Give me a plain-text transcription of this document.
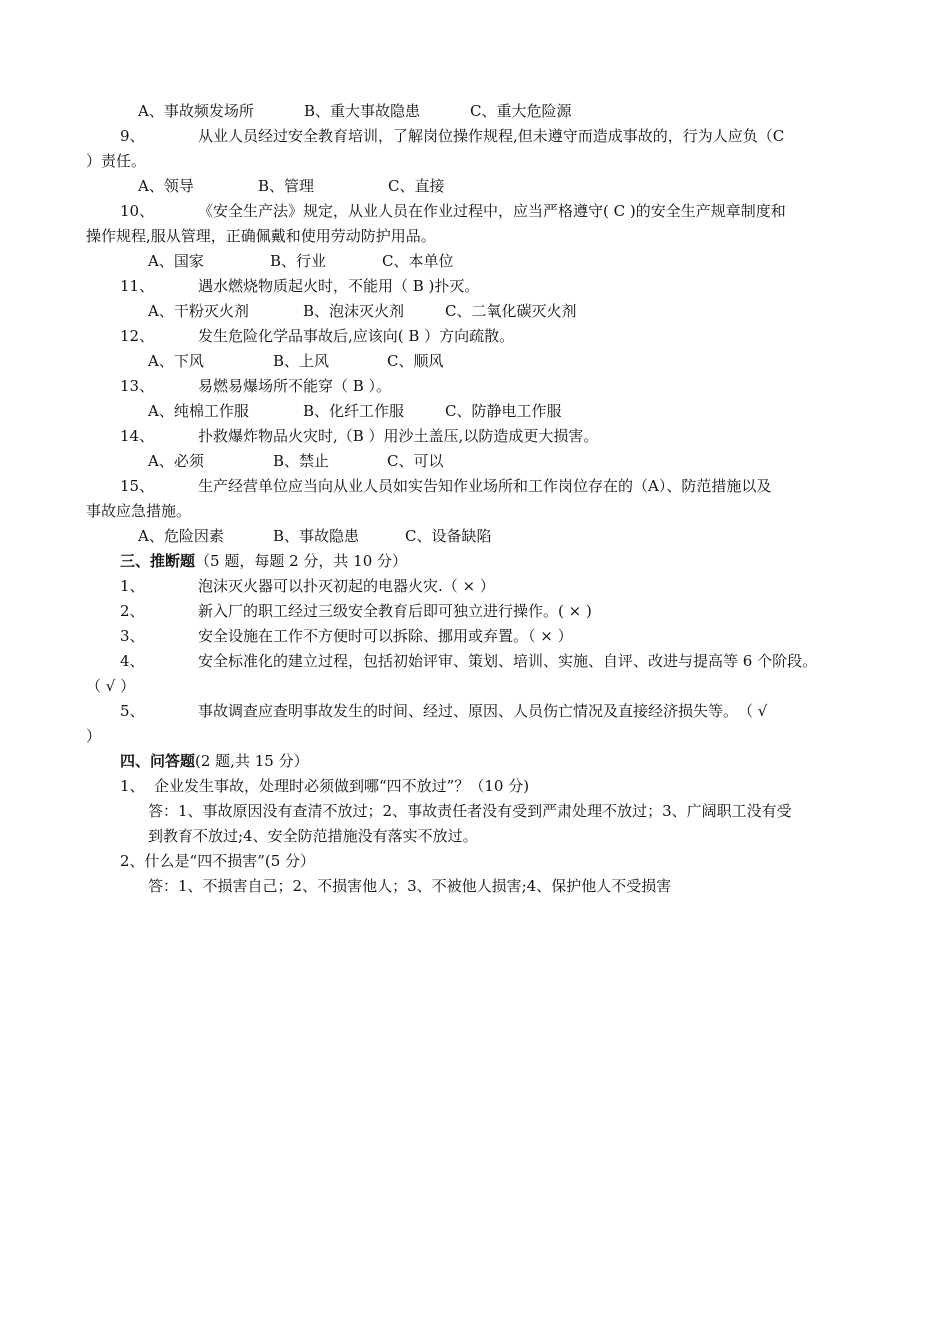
A、事故频发场所	B、重大事故隐患	C、重大危险源
9、	从业人员经过安全教育培训，了解岗位操作规程,但未遵守而造成事故的，行为人应负（C
）责任。
A、领导	B、管理	C、直接
10、	《安全生产法》规定，从业人员在作业过程中，应当严格遵守( C )的安全生产规章制度和
操作规程,服从管理，正确佩戴和使用劳动防护用品。
A、国家	B、行业	C、本单位
11、	遇水燃烧物质起火时，不能用（ B )扑灭。
A、干粉灭火剂	B、泡沫灭火剂	C、二氧化碳灭火剂
12、	发生危险化学品事故后,应该向( B ）方向疏散。
A、下风	B、上风	C、顺风
13、	易燃易爆场所不能穿（ B ）。
A、纯棉工作服	B、化纤工作服	C、防静电工作服
14、	扑救爆炸物品火灾时,（B ）用沙土盖压,以防造成更大损害。
A、必须	B、禁止	C、可以
15、	生产经营单位应当向从业人员如实告知作业场所和工作岗位存在的（A）、防范措施以及
事故应急措施。
A、危险因素	B、事故隐患	C、设备缺陷
三、推断题（5 题，每题 2 分，共 10 分）
1、	泡沫灭火器可以扑灭初起的电器火灾.（ × ）
2、	新入厂的职工经过三级安全教育后即可独立进行操作。( × )
3、	安全设施在工作不方便时可以拆除、挪用或弃置。（ × ）
4、	安全标准化的建立过程，包括初始评审、策划、培训、实施、自评、改进与提高等 6 个阶段。
（ √ ）
5、	事故调查应查明事故发生的时间、经过、原因、人员伤亡情况及直接经济损失等。　（ √
）
四、问答题(2 题,共 15 分）
1、 企业发生事故，处理时必须做到哪“四不放过”？（10 分)
答：1、事故原因没有查清不放过；2、事故责任者没有受到严肃处理不放过；3、广阔职工没有受
到教育不放过;4、安全防范措施没有落实不放过。
2、什么是“四不损害”(5 分）
答：1、不损害自己；2、不损害他人；3、不被他人损害;4、保护他人不受损害
